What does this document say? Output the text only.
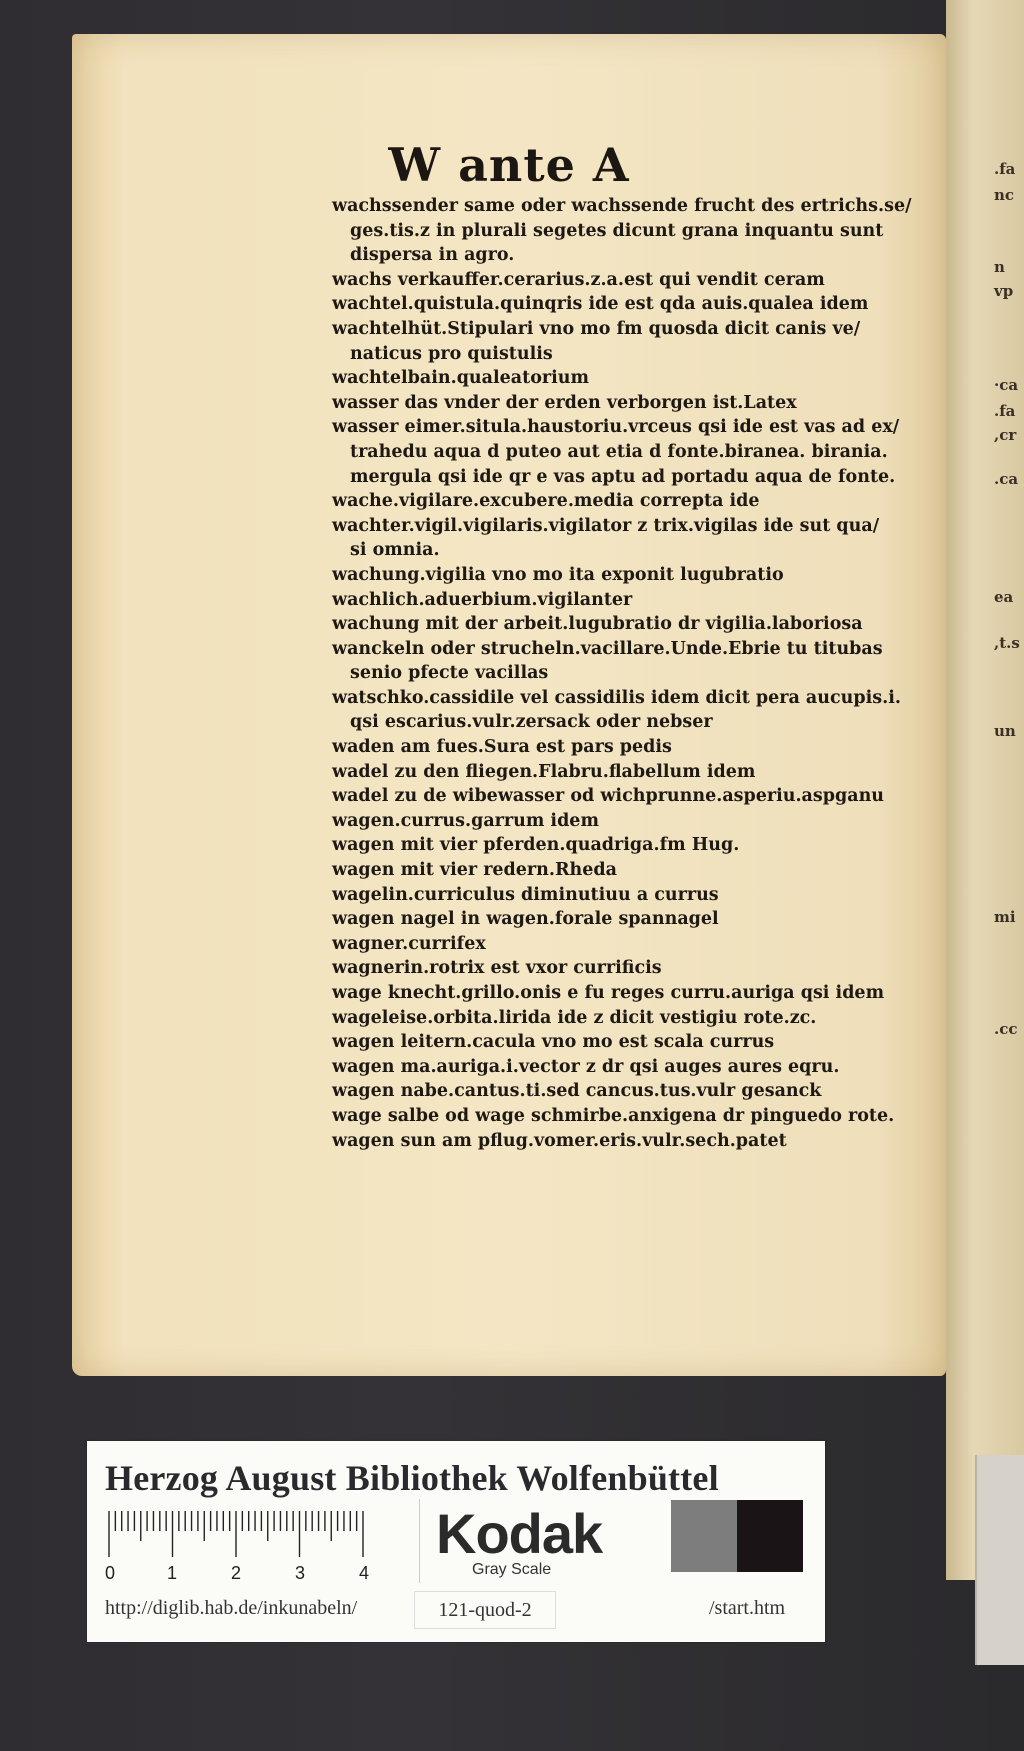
.fa
nc
n
vp
·ca
.fa
,cr
.ca
ea
,t.s
un
mi
.cc
W ante A
wachssender same oder wachssende frucht des ertrichs.se/
ges.tis.z in plurali segetes dicunt grana inquantu sunt
dispersa in agro.
wachs verkauffer.cerarius.z.a.est qui vendit ceram
wachtel.quistula.quinqris ide est qda auis.qualea idem
wachtelhüt.Stipulari vno mo fm quosda dicit canis ve/
naticus pro quistulis
wachtelbain.qualeatorium
wasser das vnder der erden verborgen ist.Latex
wasser eimer.situla.haustoriu.vrceus qsi ide est vas ad ex/
trahedu aqua d puteo aut etia d fonte.biranea. birania.
mergula qsi ide qr e vas aptu ad portadu aqua de fonte.
wache.vigilare.excubere.media correpta ide
wachter.vigil.vigilaris.vigilator z trix.vigilas ide sut qua/
si omnia.
wachung.vigilia vno mo ita exponit lugubratio
wachlich.aduerbium.vigilanter
wachung mit der arbeit.lugubratio dr vigilia.laboriosa
wanckeln oder strucheln.vacillare.Unde.Ebrie tu titubas
senio pfecte vacillas
watschko.cassidile vel cassidilis idem dicit pera aucupis.i.
qsi escarius.vulr.zersack oder nebser
waden am fues.Sura est pars pedis
wadel zu den fliegen.Flabru.flabellum idem
wadel zu de wibewasser od wichprunne.asperiu.aspganu
wagen.currus.garrum idem
wagen mit vier pferden.quadriga.fm Hug.
wagen mit vier redern.Rheda
wagelin.curriculus diminutiuu a currus
wagen nagel in wagen.forale spannagel
wagner.currifex
wagnerin.rotrix est vxor currificis
wage knecht.grillo.onis e fu reges curru.auriga qsi idem
wageleise.orbita.lirida ide z dicit vestigiu rote.zc.
wagen leitern.cacula vno mo est scala currus
wagen ma.auriga.i.vector z dr qsi auges aures eqru.
wagen nabe.cantus.ti.sed cancus.tus.vulr gesanck
wage salbe od wage schmirbe.anxigena dr pinguedo rote.
wagen sun am pflug.vomer.eris.vulr.sech.patet
Herzog August Bibliothek Wolfenbüttel
0	1	2	3	4
Kodak
Gray Scale
http://diglib.hab.de/inkunabeln/	121-quod-2	/start.htm
